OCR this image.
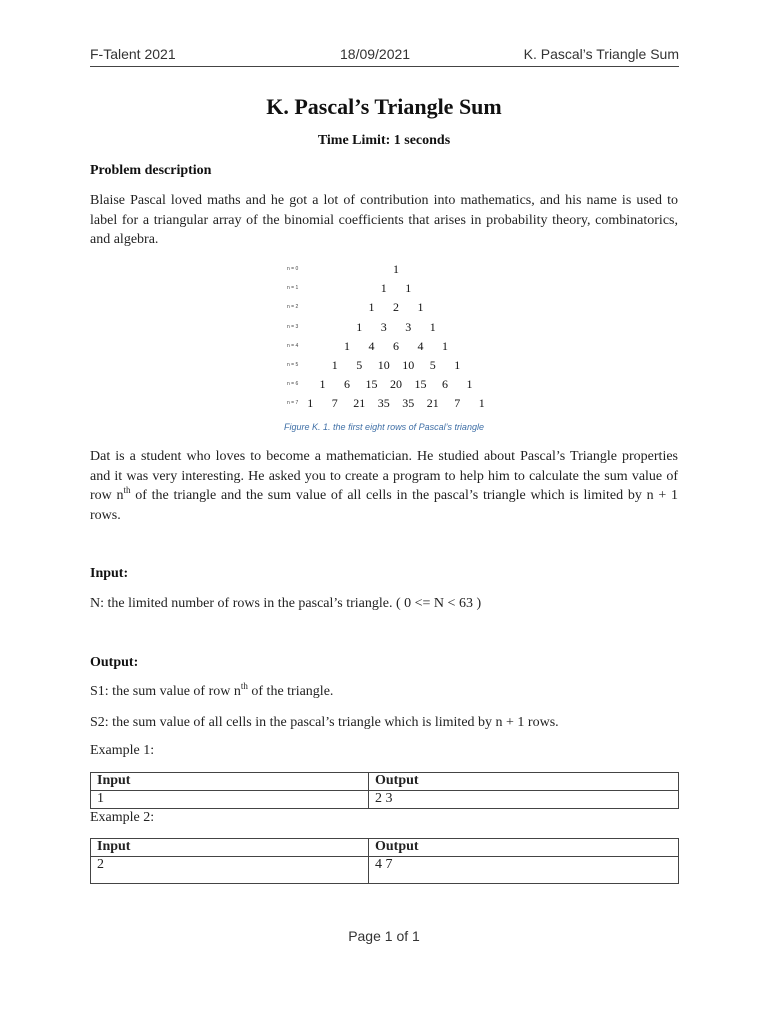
F-Talent 2021	18/09/2021	K. Pascal’s Triangle Sum
K. Pascal’s Triangle Sum
Time Limit: 1 seconds
Problem description
Blaise Pascal loved maths and he got a lot of contribution into mathematics, and his name is used to label for a triangular array of the binomial coefficients that arises in probability theory, combinatorics, and algebra.
n = 0	1
n = 1	1 1
n = 2	1 2 1
n = 3	1 3 3 1
n = 4	1 4 6 4 1
n = 5	1 5 10 10 5 1
n = 6 1 6 15 20 15 6 1
n = 7 1 7 21 35 35 21 7 1
Figure K. 1. the first eight rows of Pascal’s triangle
Dat is a student who loves to become a mathematician. He studied about Pascal’s Triangle properties and it was very interesting. He asked you to create a program to help him to calculate the sum value of row $n^{th}$ of the triangle and the sum value of all cells in the pascal’s triangle which is limited by n + 1 rows.
Input:
N: the limited number of rows in the pascal’s triangle. ( 0 <= N < 63 )
Output:
S1: the sum value of row $n^{th}$ of the triangle.
S2: the sum value of all cells in the pascal’s triangle which is limited by n + 1 rows.
Example 1:
Input	Output
1	2 3
Example 2:
Input	Output
2	4 7
Page 1 of 1
